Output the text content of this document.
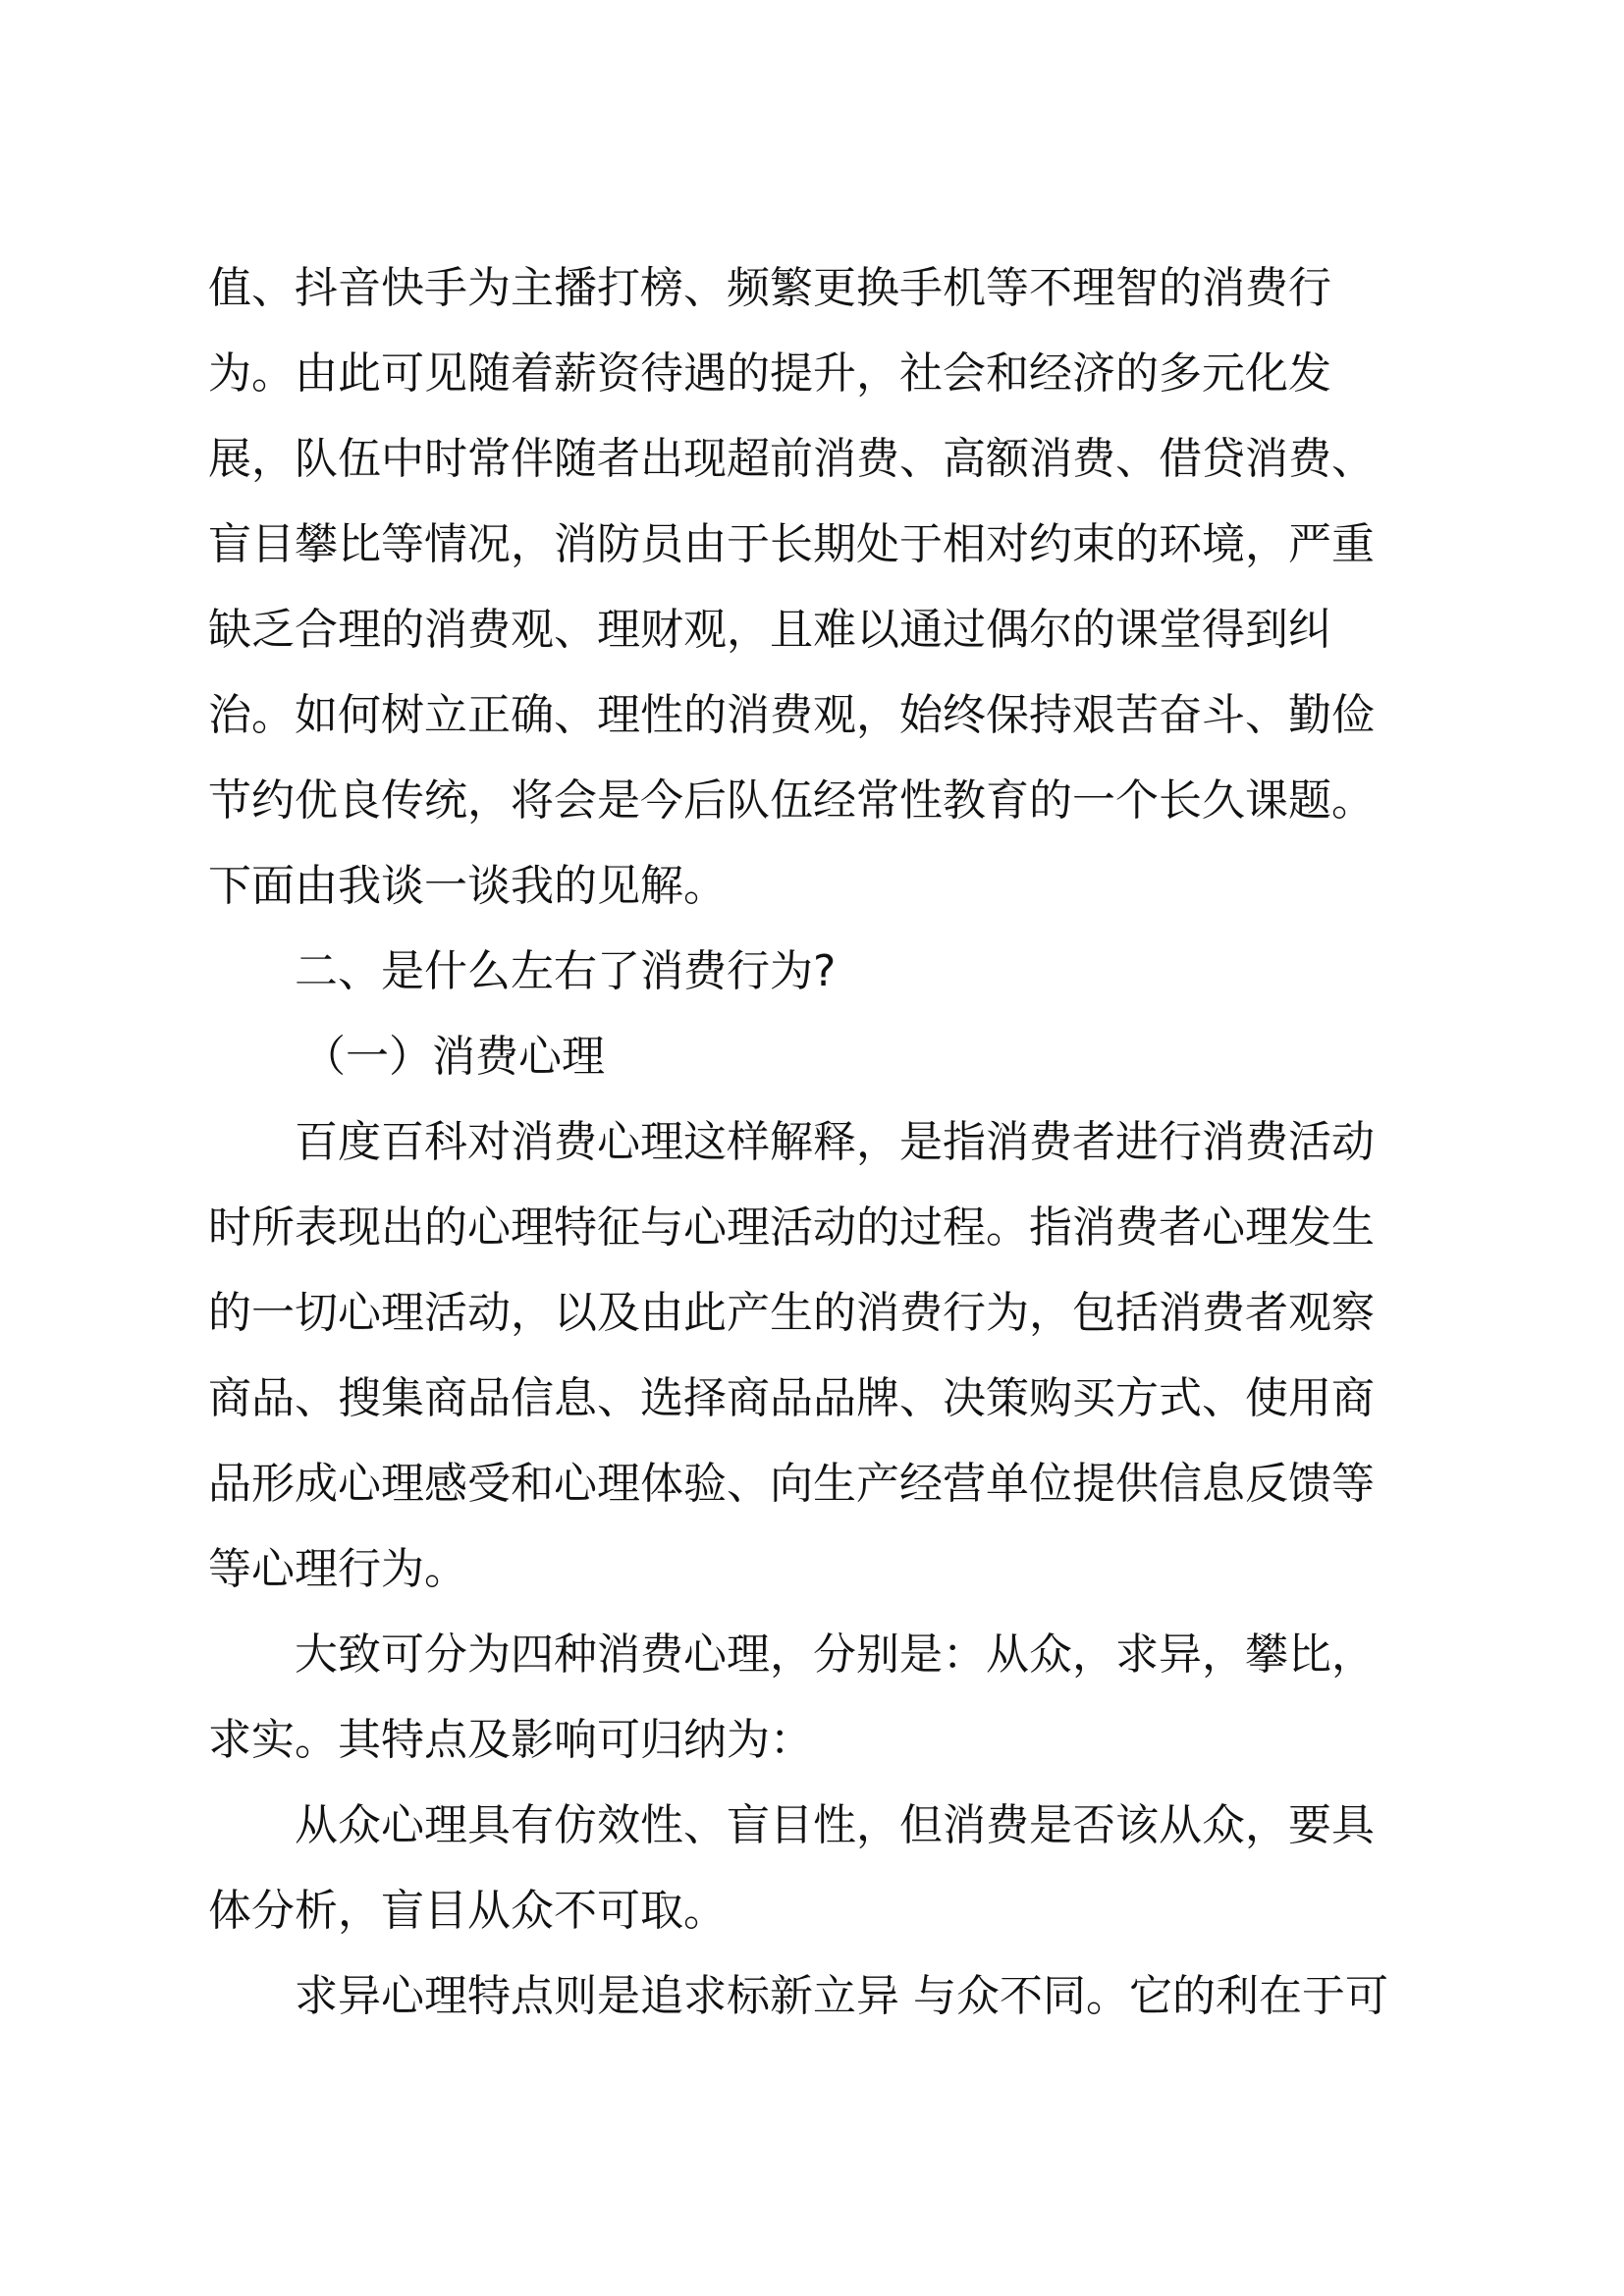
值、抖音快手为主播打榜、频繁更换手机等不理智的消费行
为。由此可见随着薪资待遇的提升，社会和经济的多元化发
展，队伍中时常伴随者出现超前消费、高额消费、借贷消费、
盲目攀比等情况，消防员由于长期处于相对约束的环境，严重
缺乏合理的消费观、理财观，且难以通过偶尔的课堂得到纠
治。如何树立正确、理性的消费观，始终保持艰苦奋斗、勤俭
节约优良传统，将会是今后队伍经常性教育的一个长久课题。
下面由我谈一谈我的见解。
二、是什么左右了消费行为?
（一）消费心理
百度百科对消费心理这样解释，是指消费者进行消费活动
时所表现出的心理特征与心理活动的过程。指消费者心理发生
的一切心理活动，以及由此产生的消费行为，包括消费者观察
商品、搜集商品信息、选择商品品牌、决策购买方式、使用商
品形成心理感受和心理体验、向生产经营单位提供信息反馈等
等心理行为。
大致可分为四种消费心理，分别是：从众，求异，攀比，
求实。其特点及影响可归纳为：
从众心理具有仿效性、盲目性，但消费是否该从众，要具
体分析，盲目从众不可取。
求异心理特点则是追求标新立异 与众不同。它的利在于可
